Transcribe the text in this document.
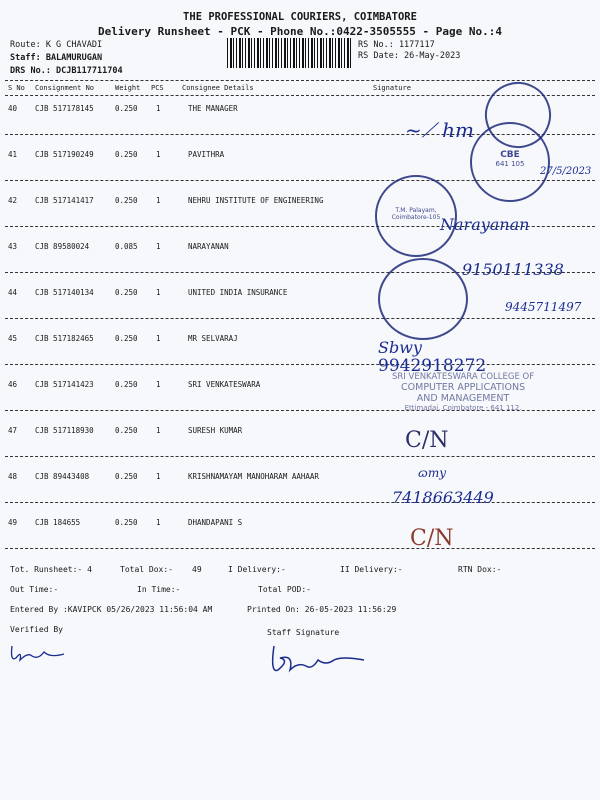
THE PROFESSIONAL COURIERS, COIMBATORE
Delivery Runsheet - PCK - Phone No.:0422-3505555 - Page No.:4
Route: K G CHAVADI
Staff: BALAMURUGAN
DRS No.: DCJB117711704
RS No.: 1177117
RS Date: 26-May-2023
S No Consignment No	Weight PCS	Consignee Details	Signature
40 CJB 517178145	0.250 1	THE MANAGER
41 CJB 517190249	0.250 1	PAVITHRA
42 CJB 517141417	0.250 1	NEHRU INSTITUTE OF ENGINEERING
43 CJB 89580024	0.085 1	NARAYANAN
44 CJB 517140134	0.250 1	UNITED INDIA INSURANCE
45 CJB 517182465	0.250 1	MR SELVARAJ
46 CJB 517141423	0.250 1	SRI VENKATESWARA
47 CJB 517118930	0.250 1	SURESH KUMAR
48 CJB 89443408	0.250 1	KRISHNAMAYAM MANOHARAM AAHAAR
49 CJB 184655	0.250 1	DHANDAPANI S
~⟋ hm
CBE
641 105
27/5/2023
T.M. Palayam,
Coimbatore-105 Narayanan
9150111338
9445711497
Sbwy
9942918272
SRI VENKATESWARA COLLEGE OF
COMPUTER APPLICATIONS
AND MANAGEMENT
Ettimadai, Coimbatore - 641 112.
C/N
ɷmy
7418663449
C/N
Tot. Runsheet:- 4	Total Dox:- 49	I Delivery:-	II Delivery:-	RTN Dox:-
Out Time:-	In Time:-	Total POD:-
Entered By :KAVIPCK 05/26/2023 11:56:04 AM	Printed On: 26-05-2023 11:56:29
Verified By	Staff Signature
